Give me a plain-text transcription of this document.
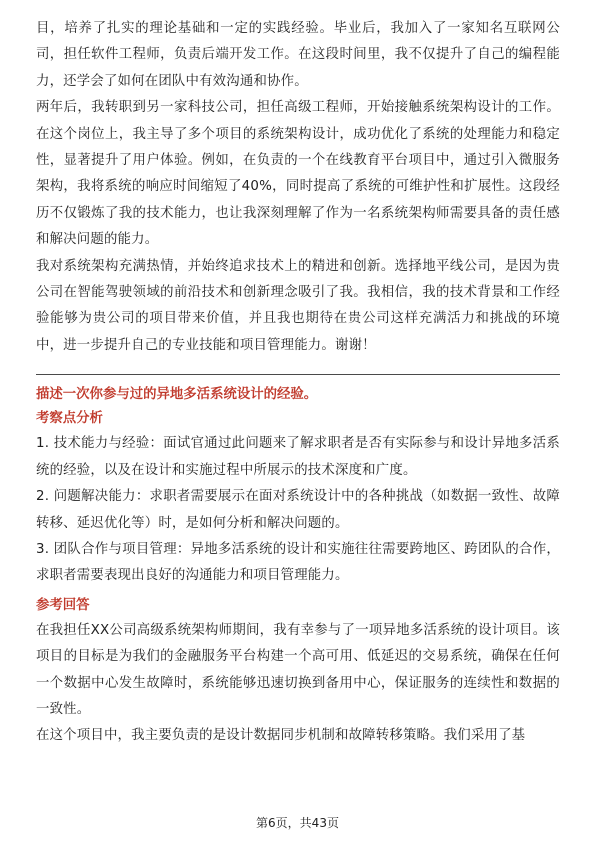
目，培养了扎实的理论基础和一定的实践经验。毕业后，我加入了一家知名互联网公司，担任软件工程师，负责后端开发工作。在这段时间里，我不仅提升了自己的编程能力，还学会了如何在团队中有效沟通和协作。

两年后，我转职到另一家科技公司，担任高级工程师，开始接触系统架构设计的工作。在这个岗位上，我主导了多个项目的系统架构设计，成功优化了系统的处理能力和稳定性，显著提升了用户体验。例如，在负责的一个在线教育平台项目中，通过引入微服务架构，我将系统的响应时间缩短了40%，同时提高了系统的可维护性和扩展性。这段经历不仅锻炼了我的技术能力，也让我深刻理解了作为一名系统架构师需要具备的责任感和解决问题的能力。

我对系统架构充满热情，并始终追求技术上的精进和创新。选择地平线公司，是因为贵公司在智能驾驶领域的前沿技术和创新理念吸引了我。我相信，我的技术背景和工作经验能够为贵公司的项目带来价值，并且我也期待在贵公司这样充满活力和挑战的环境中，进一步提升自己的专业技能和项目管理能力。谢谢！

描述一次你参与过的异地多活系统设计的经验。

考察点分析

1. 技术能力与经验：面试官通过此问题来了解求职者是否有实际参与和设计异地多活系统的经验，以及在设计和实施过程中所展示的技术深度和广度。

2. 问题解决能力：求职者需要展示在面对系统设计中的各种挑战（如数据一致性、故障转移、延迟优化等）时，是如何分析和解决问题的。

3. 团队合作与项目管理：异地多活系统的设计和实施往往需要跨地区、跨团队的合作，求职者需要表现出良好的沟通能力和项目管理能力。

参考回答

在我担任XX公司高级系统架构师期间，我有幸参与了一项异地多活系统的设计项目。该项目的目标是为我们的金融服务平台构建一个高可用、低延迟的交易系统，确保在任何一个数据中心发生故障时，系统能够迅速切换到备用中心，保证服务的连续性和数据的一致性。

在这个项目中，我主要负责的是设计数据同步机制和故障转移策略。我们采用了基

第6页，共43页
